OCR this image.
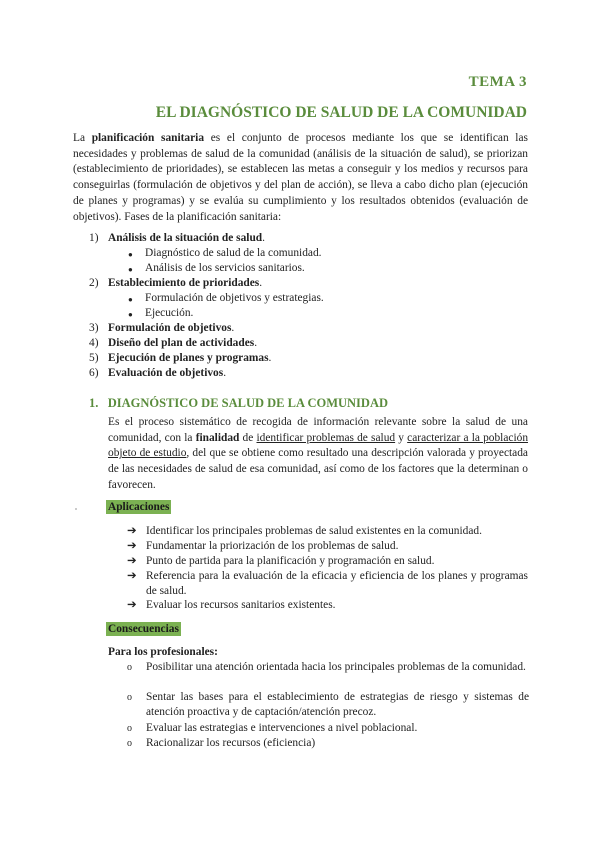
TEMA 3
EL DIAGNÓSTICO DE SALUD DE LA COMUNIDAD
La planificación sanitaria es el conjunto de procesos mediante los que se identifican las necesidades y problemas de salud de la comunidad (análisis de la situación de salud), se priorizan (establecimiento de prioridades), se establecen las metas a conseguir y los medios y recursos para conseguirlas (formulación de objetivos y del plan de acción), se lleva a cabo dicho plan (ejecución de planes y programas) y se evalúa su cumplimiento y los resultados obtenidos (evaluación de objetivos). Fases de la planificación sanitaria:
1) Análisis de la situación de salud.
● Diagnóstico de salud de la comunidad.
● Análisis de los servicios sanitarios.
2) Establecimiento de prioridades.
● Formulación de objetivos y estrategias.
● Ejecución.
3) Formulación de objetivos.
4) Diseño del plan de actividades.
5) Ejecución de planes y programas.
6) Evaluación de objetivos.
1.   DIAGNÓSTICO DE SALUD DE LA COMUNIDAD
Es el proceso sistemático de recogida de información relevante sobre la salud de una comunidad, con la finalidad de identificar problemas de salud y caracterizar a la población objeto de estudio, del que se obtiene como resultado una descripción valorada y proyectada de las necesidades de salud de esa comunidad, así como de los factores que la determinan o favorecen.
Aplicaciones
➔ Identificar los principales problemas de salud existentes en la comunidad.
➔ Fundamentar la priorización de los problemas de salud.
➔ Punto de partida para la planificación y programación en salud.
➔ Referencia para la evaluación de la eficacia y eficiencia de los planes y programas de salud.
➔ Evaluar los recursos sanitarios existentes.
Consecuencias
Para los profesionales:
o Posibilitar una atención orientada hacia los principales problemas de la comunidad.
o Sentar las bases para el establecimiento de estrategias de riesgo y sistemas de atención proactiva y de captación/atención precoz.
o Evaluar las estrategias e intervenciones a nivel poblacional.
o Racionalizar los recursos (eficiencia)
